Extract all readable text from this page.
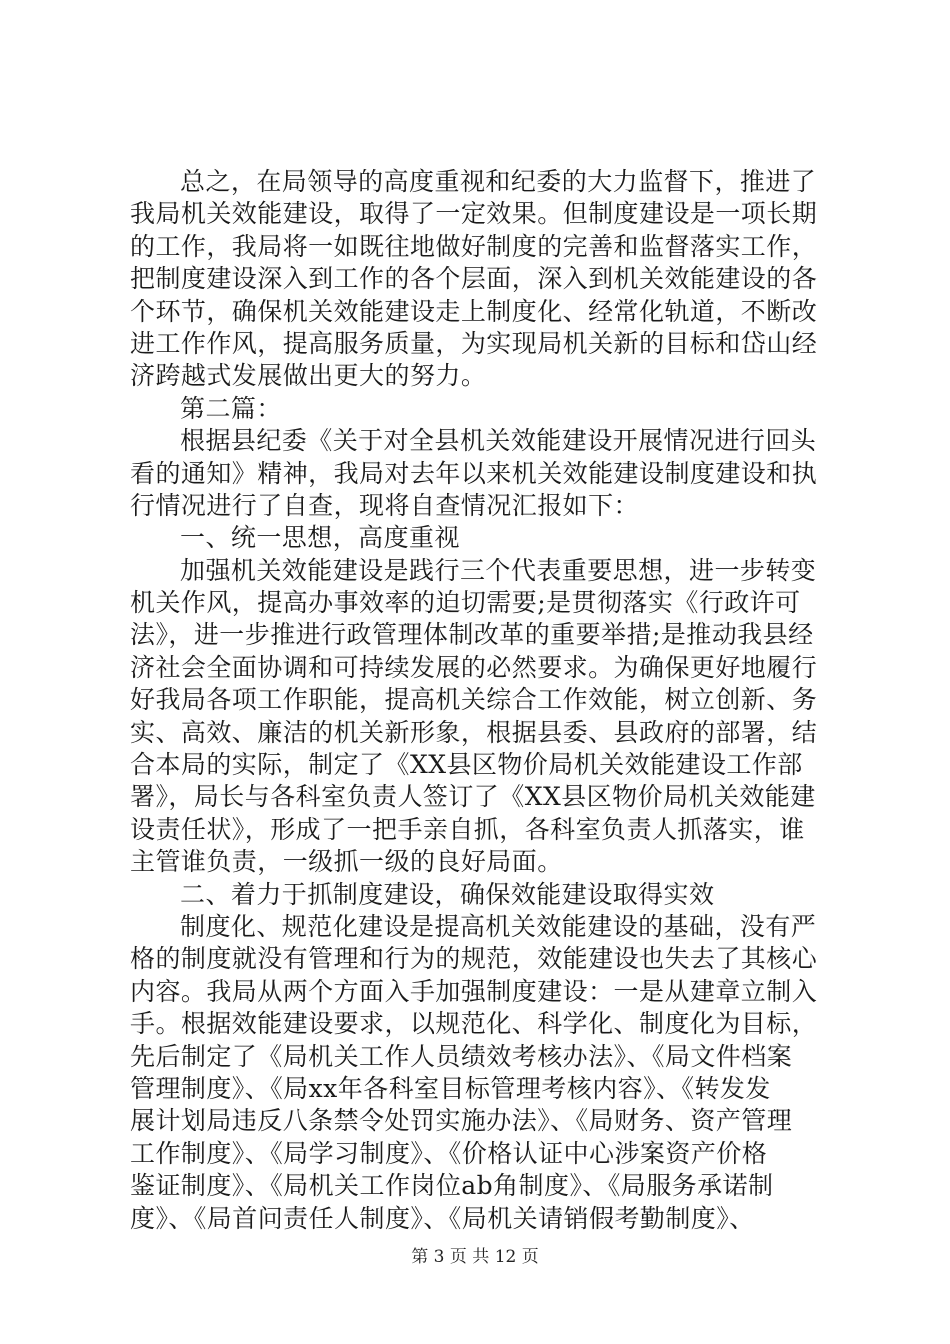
总之，在局领导的高度重视和纪委的大力监督下，推进了
我局机关效能建设，取得了一定效果。但制度建设是一项长期
的工作，我局将一如既往地做好制度的完善和监督落实工作，
把制度建设深入到工作的各个层面，深入到机关效能建设的各
个环节，确保机关效能建设走上制度化、经常化轨道，不断改
进工作作风，提高服务质量，为实现局机关新的目标和岱山经
济跨越式发展做出更大的努力。
第二篇：
根据县纪委《关于对全县机关效能建设开展情况进行回头
看的通知》精神，我局对去年以来机关效能建设制度建设和执
行情况进行了自查，现将自查情况汇报如下：
一、统一思想，高度重视
加强机关效能建设是践行三个代表重要思想，进一步转变
机关作风，提高办事效率的迫切需要;是贯彻落实《行政许可
法》，进一步推进行政管理体制改革的重要举措;是推动我县经
济社会全面协调和可持续发展的必然要求。为确保更好地履行
好我局各项工作职能，提高机关综合工作效能，树立创新、务
实、高效、廉洁的机关新形象，根据县委、县政府的部署，结
合本局的实际，制定了《XX县区物价局机关效能建设工作部
署》，局长与各科室负责人签订了《XX县区物价局机关效能建
设责任状》，形成了一把手亲自抓，各科室负责人抓落实，谁
主管谁负责，一级抓一级的良好局面。
二、着力于抓制度建设，确保效能建设取得实效
制度化、规范化建设是提高机关效能建设的基础，没有严
格的制度就没有管理和行为的规范，效能建设也失去了其核心
内容。我局从两个方面入手加强制度建设：一是从建章立制入
手。根据效能建设要求，以规范化、科学化、制度化为目标，
先后制定了《局机关工作人员绩效考核办法》、《局文件档案
管理制度》、《局xx年各科室目标管理考核内容》、《转发发
展计划局违反八条禁令处罚实施办法》、《局财务、资产管理
工作制度》、《局学习制度》、《价格认证中心涉案资产价格
鉴证制度》、《局机关工作岗位ab角制度》、《局服务承诺制
度》、《局首问责任人制度》、《局机关请销假考勤制度》、
第 3 页 共 12 页
